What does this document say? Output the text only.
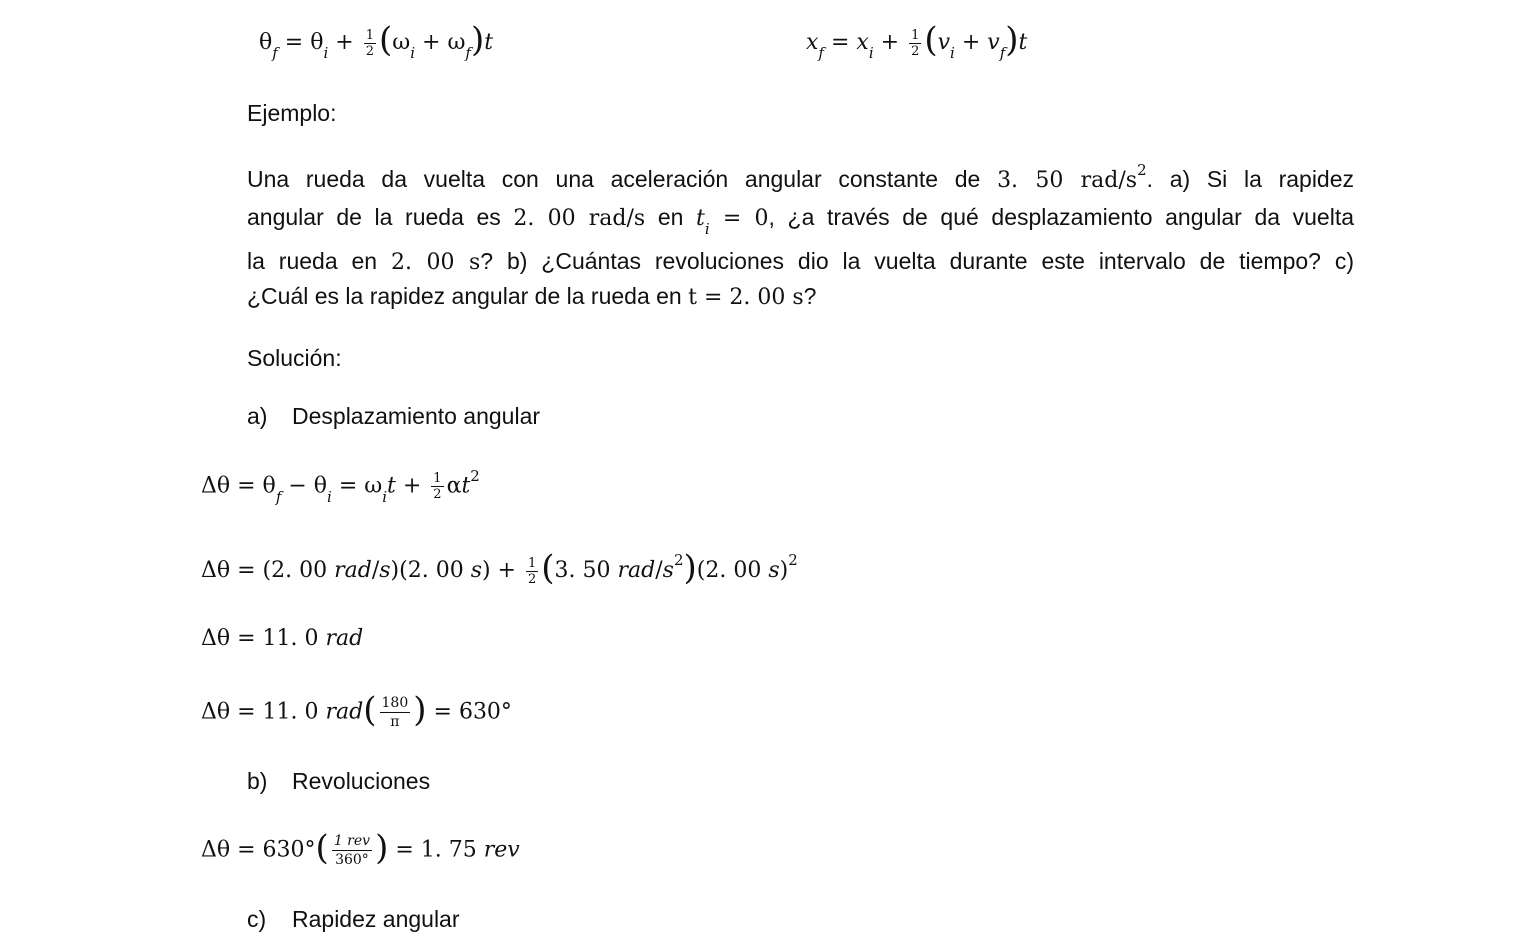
$\theta_f = \theta_i + \frac{1}{2} (\omega_i + \omega_f)t$	$x_f = x_i + \frac{1}{2} (v_i + v_f)t$
Ejemplo:
Una rueda da vuelta con una aceleración angular constante de 3. 50 rad/$s^2$. a) Si la rapidez
angular de la rueda es 2. 00 rad/s en $t_i = 0$, ¿a través de qué desplazamiento angular da vuelta
la rueda en 2. 00 s? b) ¿Cuántas revoluciones dio la vuelta durante este intervalo de tiempo? c)
¿Cuál es la rapidez angular de la rueda en t = 2. 00 s?
Solución:
a) Desplazamiento angular
$\Delta\theta = \theta_f - \theta_i = \omega_it + \frac{1}{2} \alpha t^2$
Δθ = (2. 00 rad/s)(2. 00 $s) + \frac{1}{2} (3$. 50 rad/$s^2)(2$. 00 s)$^2$
Δθ = 11. 0 rad
Δθ = 11. 0 $rad( \frac{180}{\pi}$ ) = 630°
b) Revoluciones
$\Delta\theta = 630^\circ( \frac{\text{1 rev}}{360^\circ}$ ) = 1. 75 rev
c) Rapidez angular
